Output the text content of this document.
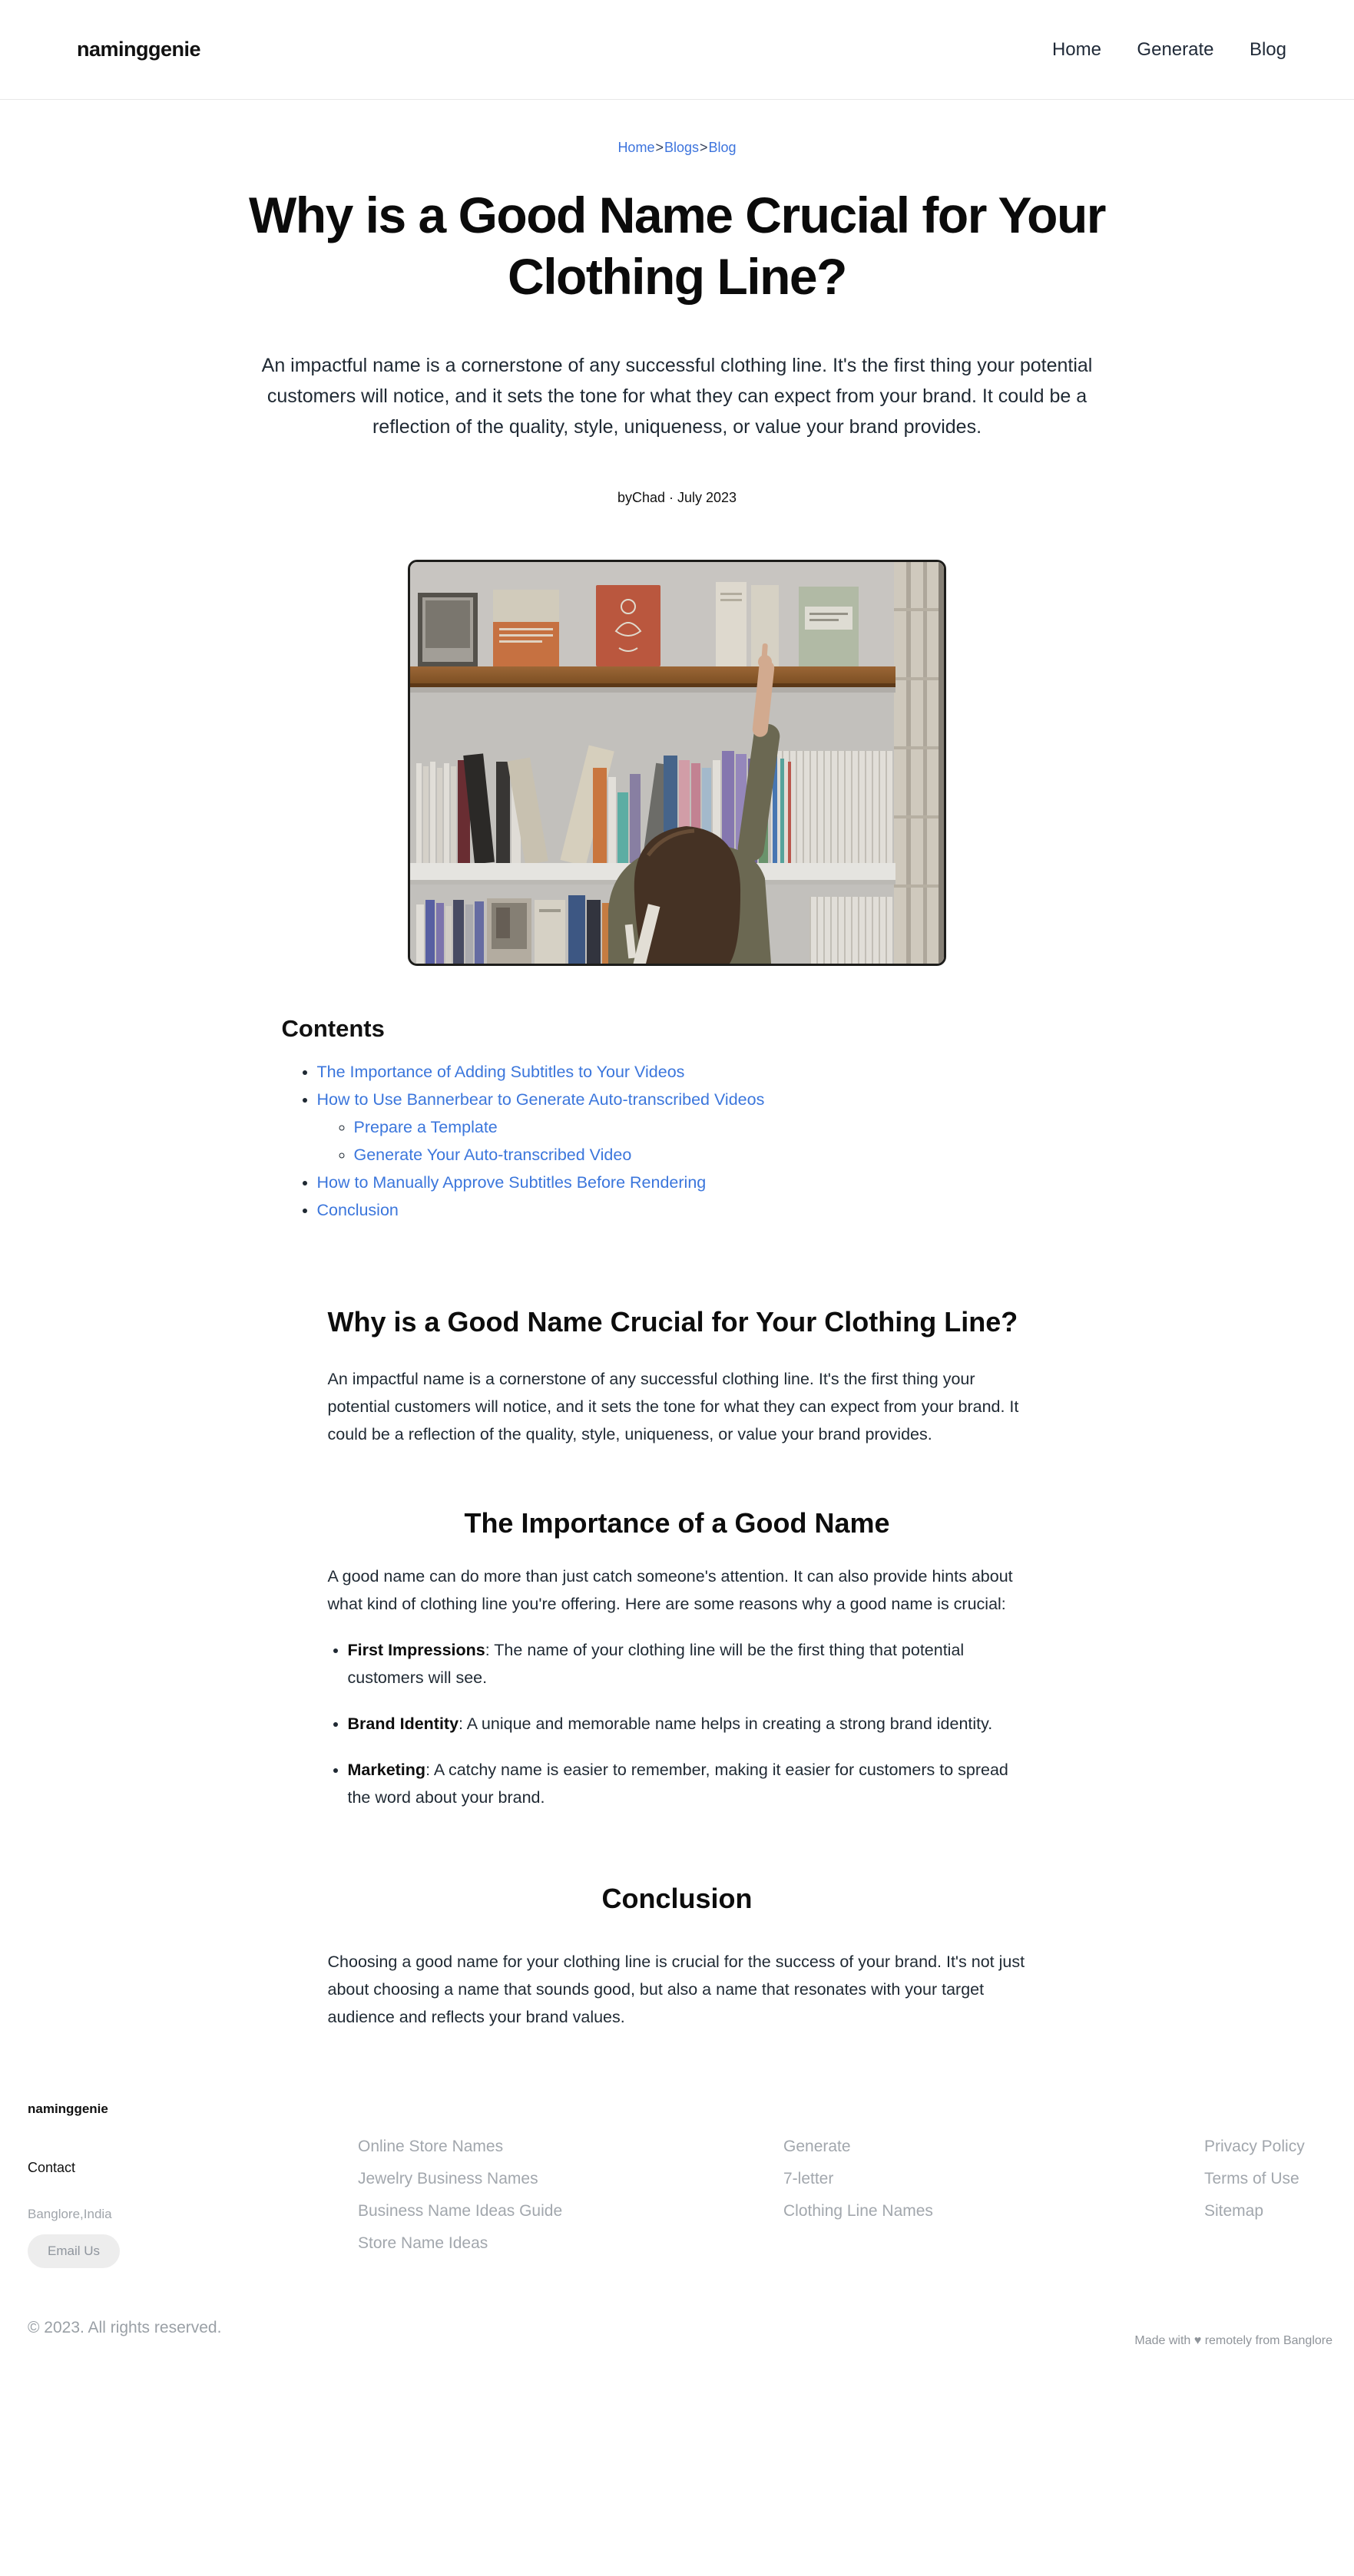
naminggenie	Home Generate Blog
Home>Blogs>Blog
Why is a Good Name Crucial for Your Clothing Line?

An impactful name is a cornerstone of any successful clothing line. It's the first thing your potential customers will notice, and it sets the tone for what they can expect from your brand. It could be a reflection of the quality, style, uniqueness, or value your brand provides.

byChad · July 2023
Contents
• The Importance of Adding Subtitles to Your Videos
• How to Use Bannerbear to Generate Auto-transcribed Videos
◦ Prepare a Template
◦ Generate Your Auto-transcribed Video
• How to Manually Approve Subtitles Before Rendering
• Conclusion
Why is a Good Name Crucial for Your Clothing Line?

An impactful name is a cornerstone of any successful clothing line. It's the first thing your potential customers will notice, and it sets the tone for what they can expect from your brand. It could be a reflection of the quality, style, uniqueness, or value your brand provides.

The Importance of a Good Name

A good name can do more than just catch someone's attention. It can also provide hints about what kind of clothing line you're offering. Here are some reasons why a good name is crucial:

• First Impressions: The name of your clothing line will be the first thing that potential customers will see.
• Brand Identity: A unique and memorable name helps in creating a strong brand identity.
• Marketing: A catchy name is easier to remember, making it easier for customers to spread the word about your brand.
Conclusion

Choosing a good name for your clothing line is crucial for the success of your brand. It's not just about choosing a name that sounds good, but also a name that resonates with your target audience and reflects your brand values.

naminggenie
Contact
Banglore,India
Email Us
Online Store Names
Jewelry Business Names
Business Name Ideas Guide
Store Name Ideas
Generate
7-letter
Clothing Line Names
Privacy Policy
Terms of Use
Sitemap
© 2023. All rights reserved.
Made with ♥ remotely from Banglore
